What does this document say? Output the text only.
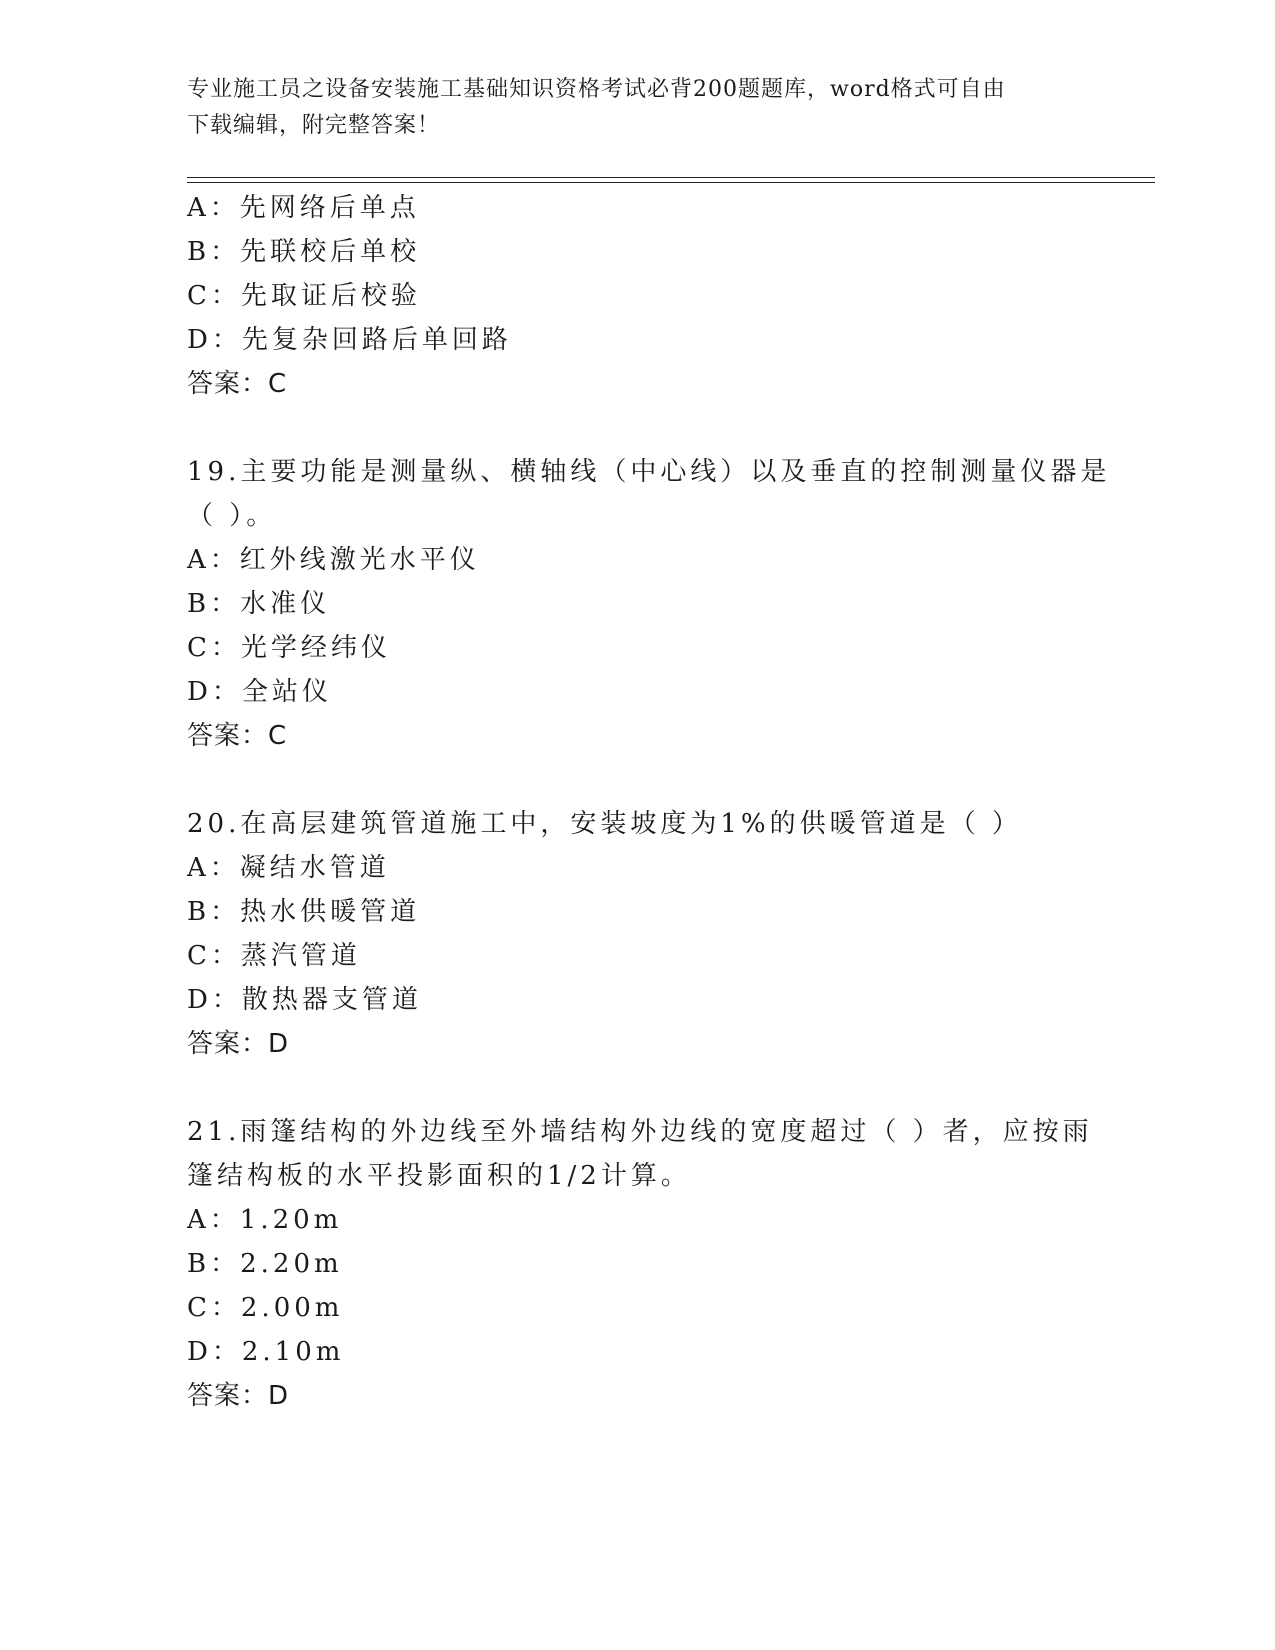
专业施工员之设备安装施工基础知识资格考试必背200题题库，word格式可自由
下载编辑，附完整答案！
A：先网络后单点
B：先联校后单校
C：先取证后校验
D：先复杂回路后单回路
答案：C
19.主要功能是测量纵、横轴线（中心线）以及垂直的控制测量仪器是
（ ）。
A：红外线激光水平仪
B：水准仪
C：光学经纬仪
D：全站仪
答案：C
20.在高层建筑管道施工中，安装坡度为1%的供暖管道是（ ）
A：凝结水管道
B：热水供暖管道
C：蒸汽管道
D：散热器支管道
答案：D
21.雨篷结构的外边线至外墙结构外边线的宽度超过（ ）者，应按雨
篷结构板的水平投影面积的1/2计算。
A：1.20m
B：2.20m
C：2.00m
D：2.10m
答案：D
